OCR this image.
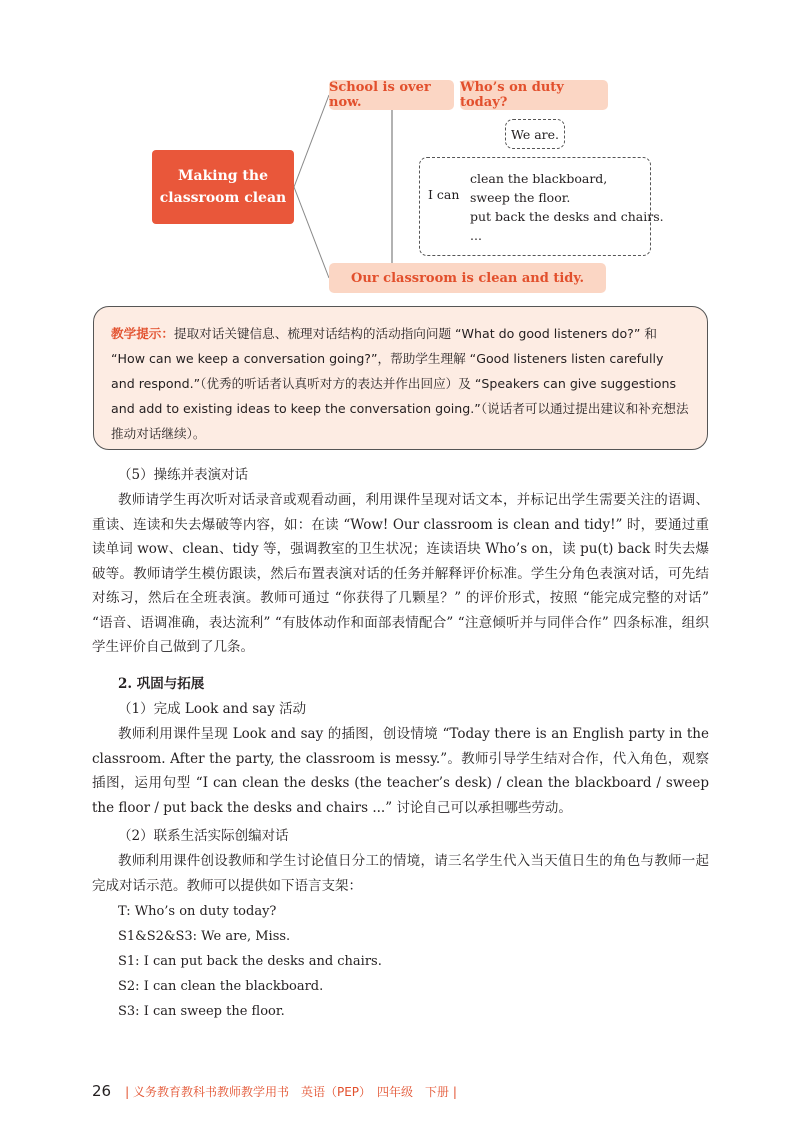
Making the
classroom clean
School is over now.
Who’s on duty today?
We are.
I can
clean the blackboard,
sweep the floor.
put back the desks and chairs.
...
Our classroom is clean and tidy.
教学提示：提取对话关键信息、梳理对话结构的活动指向问题 “What do good listeners do?” 和 “How can we keep a conversation going?”，帮助学生理解 “Good listeners listen carefully and respond.”（优秀的听话者认真听对方的表达并作出回应）及 “Speakers can give suggestions and add to existing ideas to keep the conversation going.”（说话者可以通过提出建议和补充想法推动对话继续）。
（5）操练并表演对话
教师请学生再次听对话录音或观看动画，利用课件呈现对话文本，并标记出学生需要关注的语调、重读、连读和失去爆破等内容，如：在读 “Wow! Our classroom is clean and tidy!” 时，要通过重读单词 wow、clean、tidy 等，强调教室的卫生状况；连读语块 Who’s on，读 pu(t) back 时失去爆破等。教师请学生模仿跟读，然后布置表演对话的任务并解释评价标准。学生分角色表演对话，可先结对练习，然后在全班表演。教师可通过 “你获得了几颗星？” 的评价形式，按照 “能完成完整的对话” “语音、语调准确，表达流利” “有肢体动作和面部表情配合” “注意倾听并与同伴合作” 四条标准，组织学生评价自己做到了几条。
2. 巩固与拓展
（1）完成 Look and say 活动
教师利用课件呈现 Look and say 的插图，创设情境 “Today there is an English party in the classroom. After the party, the classroom is messy.”。教师引导学生结对合作，代入角色，观察插图，运用句型 “I can clean the desks (the teacher’s desk) / clean the blackboard / sweep the floor / put back the desks and chairs ...” 讨论自己可以承担哪些劳动。
（2）联系生活实际创编对话
教师利用课件创设教师和学生讨论值日分工的情境，请三名学生代入当天值日生的角色与教师一起完成对话示范。教师可以提供如下语言支架：
T: Who’s on duty today?
S1&S2&S3: We are, Miss.
S1: I can put back the desks and chairs.
S2: I can clean the blackboard.
S3: I can sweep the floor.
26 | 义务教育教科书教师教学用书　英语（PEP）　四年级　下册 |
